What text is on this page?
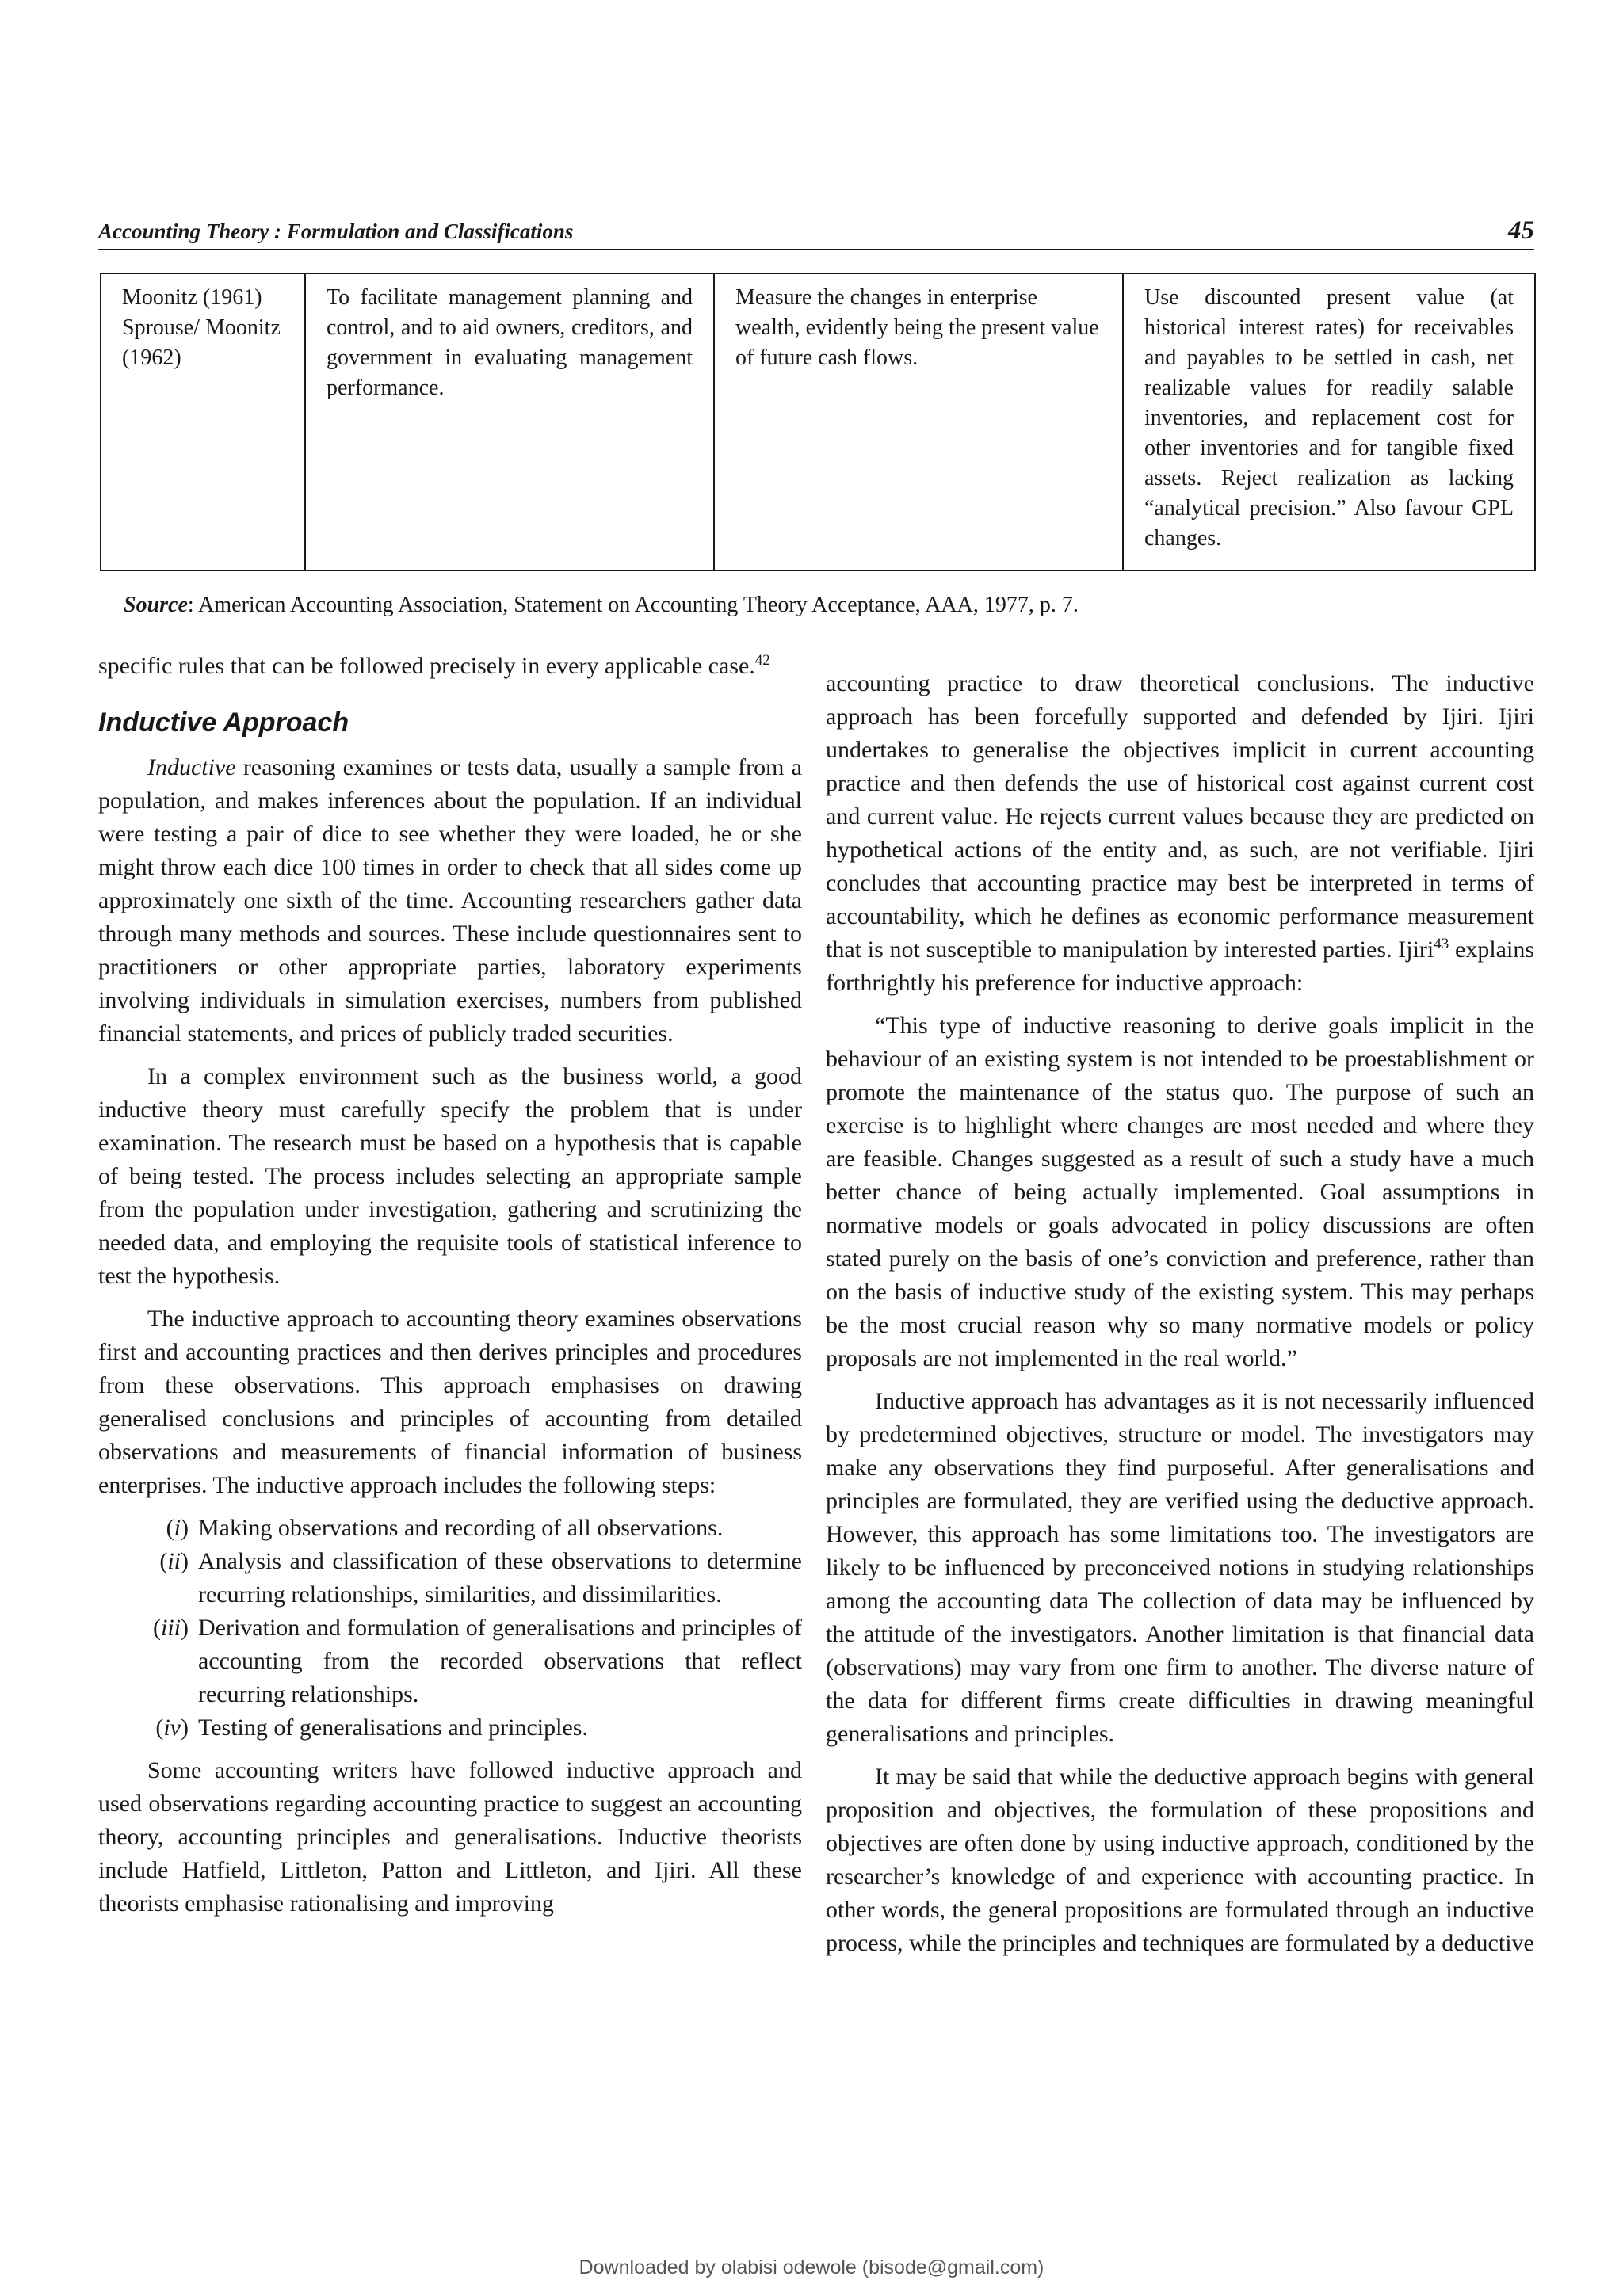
Accounting Theory : Formulation and Classifications	45
Moonitz (1961) Sprouse/ Moonitz (1962)	To facilitate management planning and control, and to aid owners, creditors, and government in evaluating management performance.	Measure the changes in enterprise wealth, evidently being the present value of future cash flows.	Use discounted present value (at historical interest rates) for receivables and payables to be settled in cash, net realizable values for readily salable inventories, and replacement cost for other inventories and for tangible fixed assets. Reject realization as lacking “analytical precision.” Also favour GPL changes.
Source: American Accounting Association, Statement on Accounting Theory Acceptance, AAA, 1977, p. 7.

specific rules that can be followed precisely in every applicable case.$^{42}$

Inductive Approach

Inductive reasoning examines or tests data, usually a sample from a population, and makes inferences about the population. If an individual were testing a pair of dice to see whether they were loaded, he or she might throw each dice 100 times in order to check that all sides come up approximately one sixth of the time. Accounting researchers gather data through many methods and sources. These include questionnaires sent to practitioners or other appropriate parties, laboratory experiments involving individuals in simulation exercises, numbers from published financial statements, and prices of publicly traded securities.

In a complex environment such as the business world, a good inductive theory must carefully specify the problem that is under examination. The research must be based on a hypothesis that is capable of being tested. The process includes selecting an appropriate sample from the population under investigation, gathering and scrutinizing the needed data, and employing the requisite tools of statistical inference to test the hypothesis.

The inductive approach to accounting theory examines observations first and accounting practices and then derives principles and procedures from these observations. This approach emphasises on drawing generalised conclusions and principles of accounting from detailed observations and measurements of financial information of business enterprises. The inductive approach includes the following steps:

(i) Making observations and recording of all observations.
(ii) Analysis and classification of these observations to determine recurring relationships, similarities, and dissimilarities.
(iii) Derivation and formulation of generalisations and principles of accounting from the recorded observations that reflect recurring relationships.
(iv) Testing of generalisations and principles.

Some accounting writers have followed inductive approach and used observations regarding accounting practice to suggest an accounting theory, accounting principles and generalisations. Inductive theorists include Hatfield, Littleton, Patton and Littleton, and Ijiri. All these theorists emphasise rationalising and improving

accounting practice to draw theoretical conclusions. The inductive approach has been forcefully supported and defended by Ijiri. Ijiri undertakes to generalise the objectives implicit in current accounting practice and then defends the use of historical cost against current cost and current value. He rejects current values because they are predicted on hypothetical actions of the entity and, as such, are not verifiable. Ijiri concludes that accounting practice may best be interpreted in terms of accountability, which he defines as economic performance measurement that is not susceptible to manipulation by interested parties. Ijiri$^{43}$ explains forthrightly his preference for inductive approach:

“This type of inductive reasoning to derive goals implicit in the behaviour of an existing system is not intended to be proestablishment or promote the maintenance of the status quo. The purpose of such an exercise is to highlight where changes are most needed and where they are feasible. Changes suggested as a result of such a study have a much better chance of being actually implemented. Goal assumptions in normative models or goals advocated in policy discussions are often stated purely on the basis of one’s conviction and preference, rather than on the basis of inductive study of the existing system. This may perhaps be the most crucial reason why so many normative models or policy proposals are not implemented in the real world.”

Inductive approach has advantages as it is not necessarily influenced by predetermined objectives, structure or model. The investigators may make any observations they find purposeful. After generalisations and principles are formulated, they are verified using the deductive approach. However, this approach has some limitations too. The investigators are likely to be influenced by preconceived notions in studying relationships among the accounting data The collection of data may be influenced by the attitude of the investigators. Another limitation is that financial data (observations) may vary from one firm to another. The diverse nature of the data for different firms create difficulties in drawing meaningful generalisations and principles.

It may be said that while the deductive approach begins with general proposition and objectives, the formulation of these propositions and objectives are often done by using inductive approach, conditioned by the researcher’s knowledge of and experience with accounting practice. In other words, the general propositions are formulated through an inductive process, while the principles and techniques are formulated by a deductive

Downloaded by olabisi odewole (bisode@gmail.com)
